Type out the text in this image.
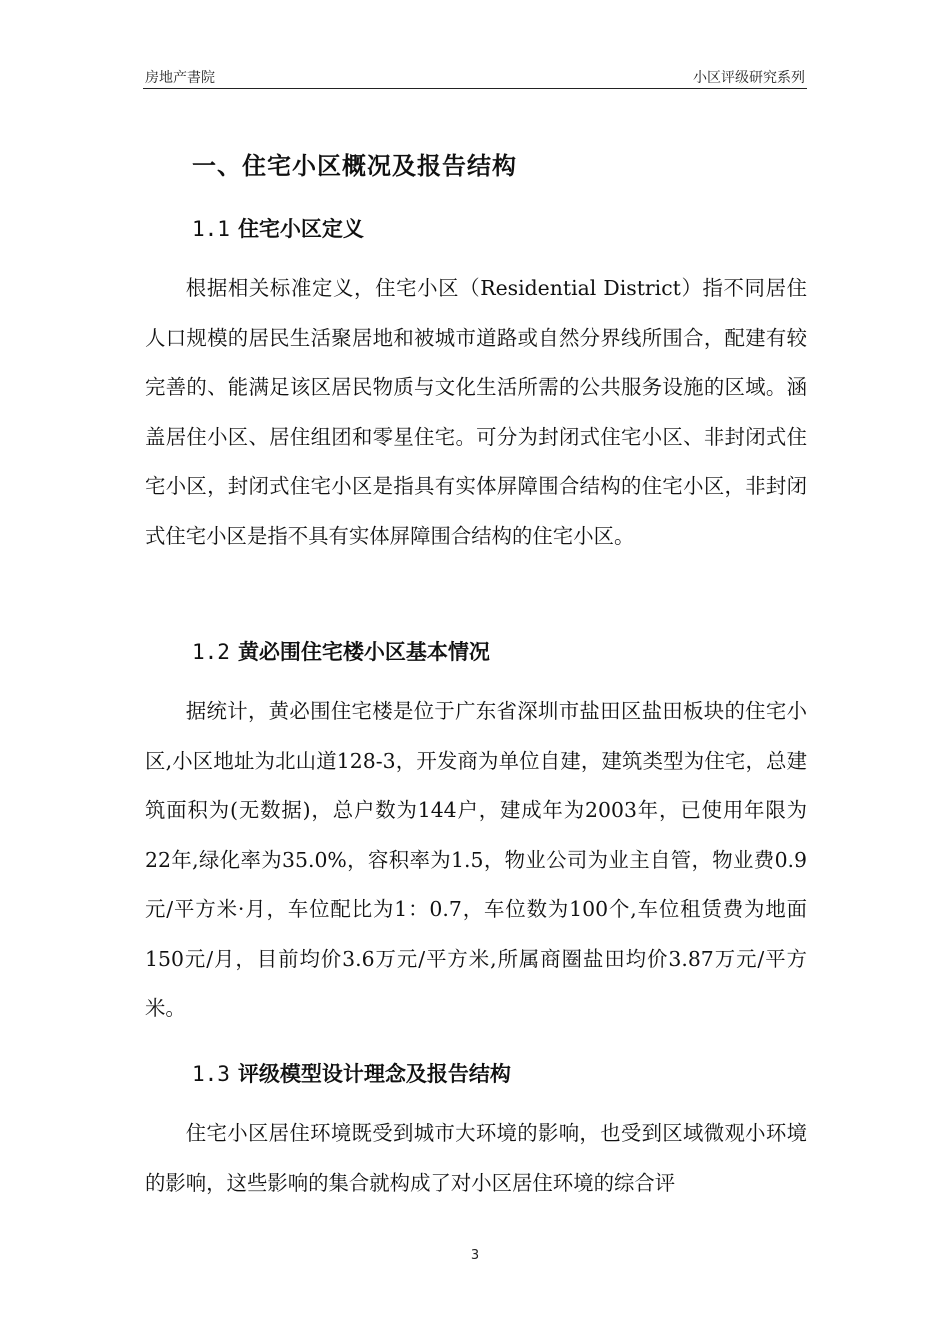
房地产書院	小区评级研究系列
一、住宅小区概况及报告结构
1.1 住宅小区定义

根据相关标准定义，住宅小区（Residential District）指不同居住人口规模的居民生活聚居地和被城市道路或自然分界线所围合，配建有较完善的、能满足该区居民物质与文化生活所需的公共服务设施的区域。涵盖居住小区、居住组团和零星住宅。可分为封闭式住宅小区、非封闭式住宅小区，封闭式住宅小区是指具有实体屏障围合结构的住宅小区，非封闭式住宅小区是指不具有实体屏障围合结构的住宅小区。

1.2 黄必围住宅楼小区基本情况

据统计，黄必围住宅楼是位于广东省深圳市盐田区盐田板块的住宅小区,小区地址为北山道128-3，开发商为单位自建，建筑类型为住宅，总建筑面积为(无数据)，总户数为144户，建成年为2003年，已使用年限为22年,绿化率为35.0%，容积率为1.5，物业公司为业主自管，物业费0.9元/平方米·月，车位配比为1：0.7，车位数为100个,车位租赁费为地面150元/月，目前均价3.6万元/平方米,所属商圈盐田均价3.87万元/平方米。

1.3 评级模型设计理念及报告结构

住宅小区居住环境既受到城市大环境的影响，也受到区域微观小环境的影响，这些影响的集合就构成了对小区居住环境的综合评

3
